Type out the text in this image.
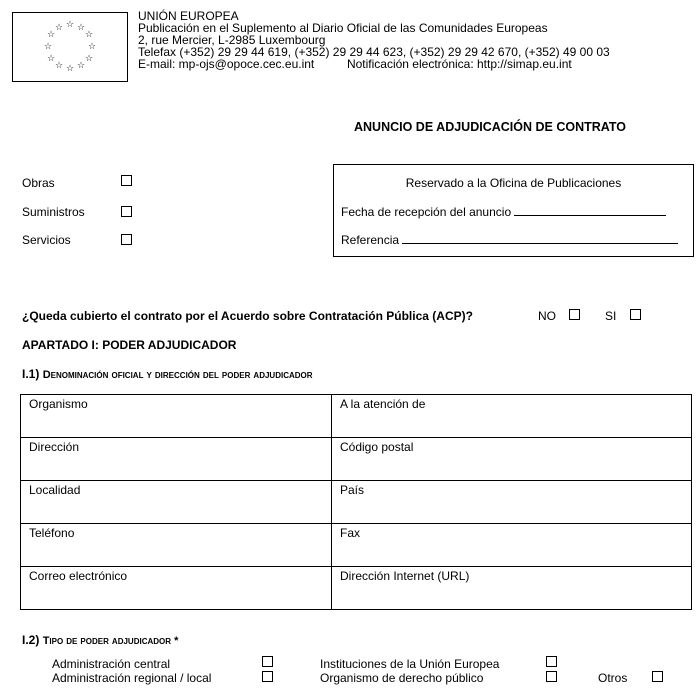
☆ ☆
☆
☆
☆
☆
☆
☆
☆
☆
☆
☆
UNIÓN EUROPEA
Publicación en el Suplemento al Diario Oficial de las Comunidades Europeas
2, rue Mercier, L-2985 Luxembourg
Telefax (+352) 29 29 44 619, (+352) 29 29 44 623, (+352) 29 29 42 670, (+352) 49 00 03
E-mail: mp-ojs@opoce.cec.eu.int	Notificación electrónica: http://simap.eu.int
ANUNCIO DE ADJUDICACIÓN DE CONTRATO
Obras
Suministros
Servicios
Reservado a la Oficina de Publicaciones
Fecha de recepción del anuncio
Referencia
¿Queda cubierto el contrato por el Acuerdo sobre Contratación Pública (ACP)?	NO	SI
APARTADO I: PODER ADJUDICADOR
I.1) Denominación oficial y dirección del poder adjudicador
Organismo	A la atención de
Dirección	Código postal
Localidad	País
Teléfono	Fax
Correo electrónico	Dirección Internet (URL)
I.2) Tipo de poder adjudicador *
Administración central
Administración regional / local
Instituciones de la Unión Europea
Organismo de derecho público	Otros
